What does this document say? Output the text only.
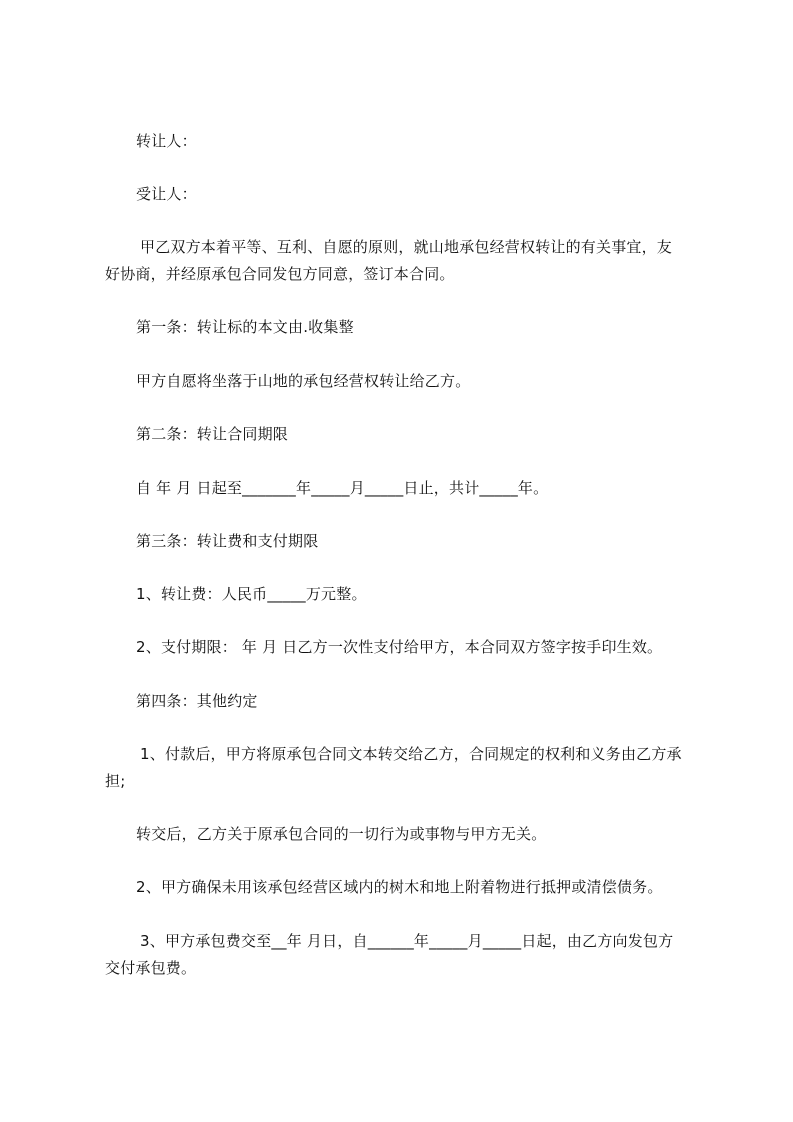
转让人：
受让人：
甲乙双方本着平等、互利、自愿的原则，就山地承包经营权转让的有关事宜，友
好协商，并经原承包合同发包方同意，签订本合同。
第一条：转让标的本文由.收集整
甲方自愿将坐落于山地的承包经营权转让给乙方。
第二条：转让合同期限
自 年 月 日起至_______年_____月_____日止，共计_____年。
第三条：转让费和支付期限
1、转让费：人民币_____万元整。
2、支付期限： 年 月 日乙方一次性支付给甲方，本合同双方签字按手印生效。
第四条：其他约定
1、付款后，甲方将原承包合同文本转交给乙方，合同规定的权利和义务由乙方承
担;
转交后，乙方关于原承包合同的一切行为或事物与甲方无关。
2、甲方确保未用该承包经营区域内的树木和地上附着物进行抵押或清偿债务。
3、甲方承包费交至__年 月日，自______年_____月_____日起，由乙方向发包方
交付承包费。
